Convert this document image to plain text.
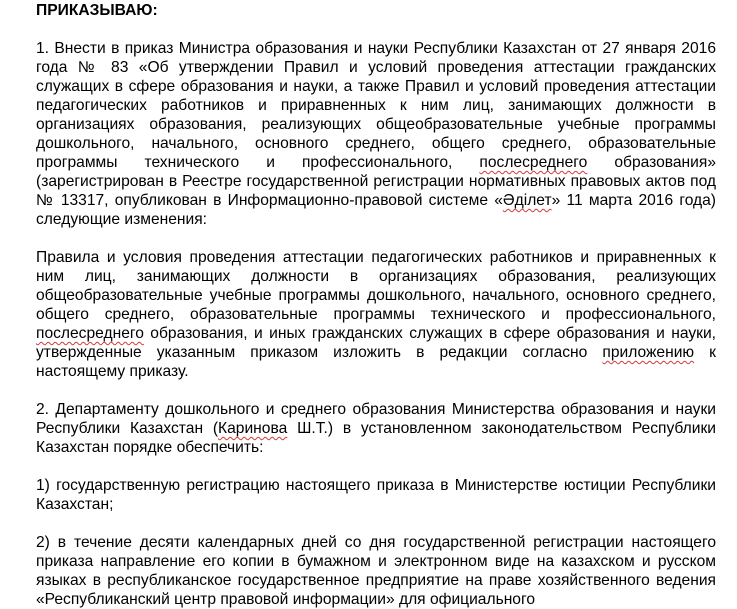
ПРИКАЗЫВАЮ:

1. Внести в приказ Министра образования и науки Республики Казахстан от 27 января 2016 года № 83 «Об утверждении Правил и условий проведения аттестации гражданских служащих в сфере образования и науки, а также Правил и условий проведения аттестации педагогических работников и приравненных к ним лиц, занимающих должности в организациях образования, реализующих общеобразовательные учебные программы дошкольного, начального, основного среднего, общего среднего, образовательные программы технического и профессионального, послесреднего образования» (зарегистрирован в Реестре государственной регистрации нормативных правовых актов под № 13317, опубликован в Информационно-правовой системе «Әділет» 11 марта 2016 года) следующие изменения:

Правила и условия проведения аттестации педагогических работников и приравненных к ним лиц, занимающих должности в организациях образования, реализующих общеобразовательные учебные программы дошкольного, начального, основного среднего, общего среднего, образовательные программы технического и профессионального, послесреднего образования, и иных гражданских служащих в сфере образования и науки, утвержденные указанным приказом изложить в редакции согласно приложению к настоящему приказу.

2. Департаменту дошкольного и среднего образования Министерства образования и науки Республики Казахстан (Каринова Ш.Т.) в установленном законодательством Республики Казахстан порядке обеспечить:

1) государственную регистрацию настоящего приказа в Министерстве юстиции Республики Казахстан;

2) в течение десяти календарных дней со дня государственной регистрации настоящего приказа направление его копии в бумажном и электронном виде на казахском и русском языках в республиканское государственное предприятие на праве хозяйственного ведения «Республиканский центр правовой информации» для официального
